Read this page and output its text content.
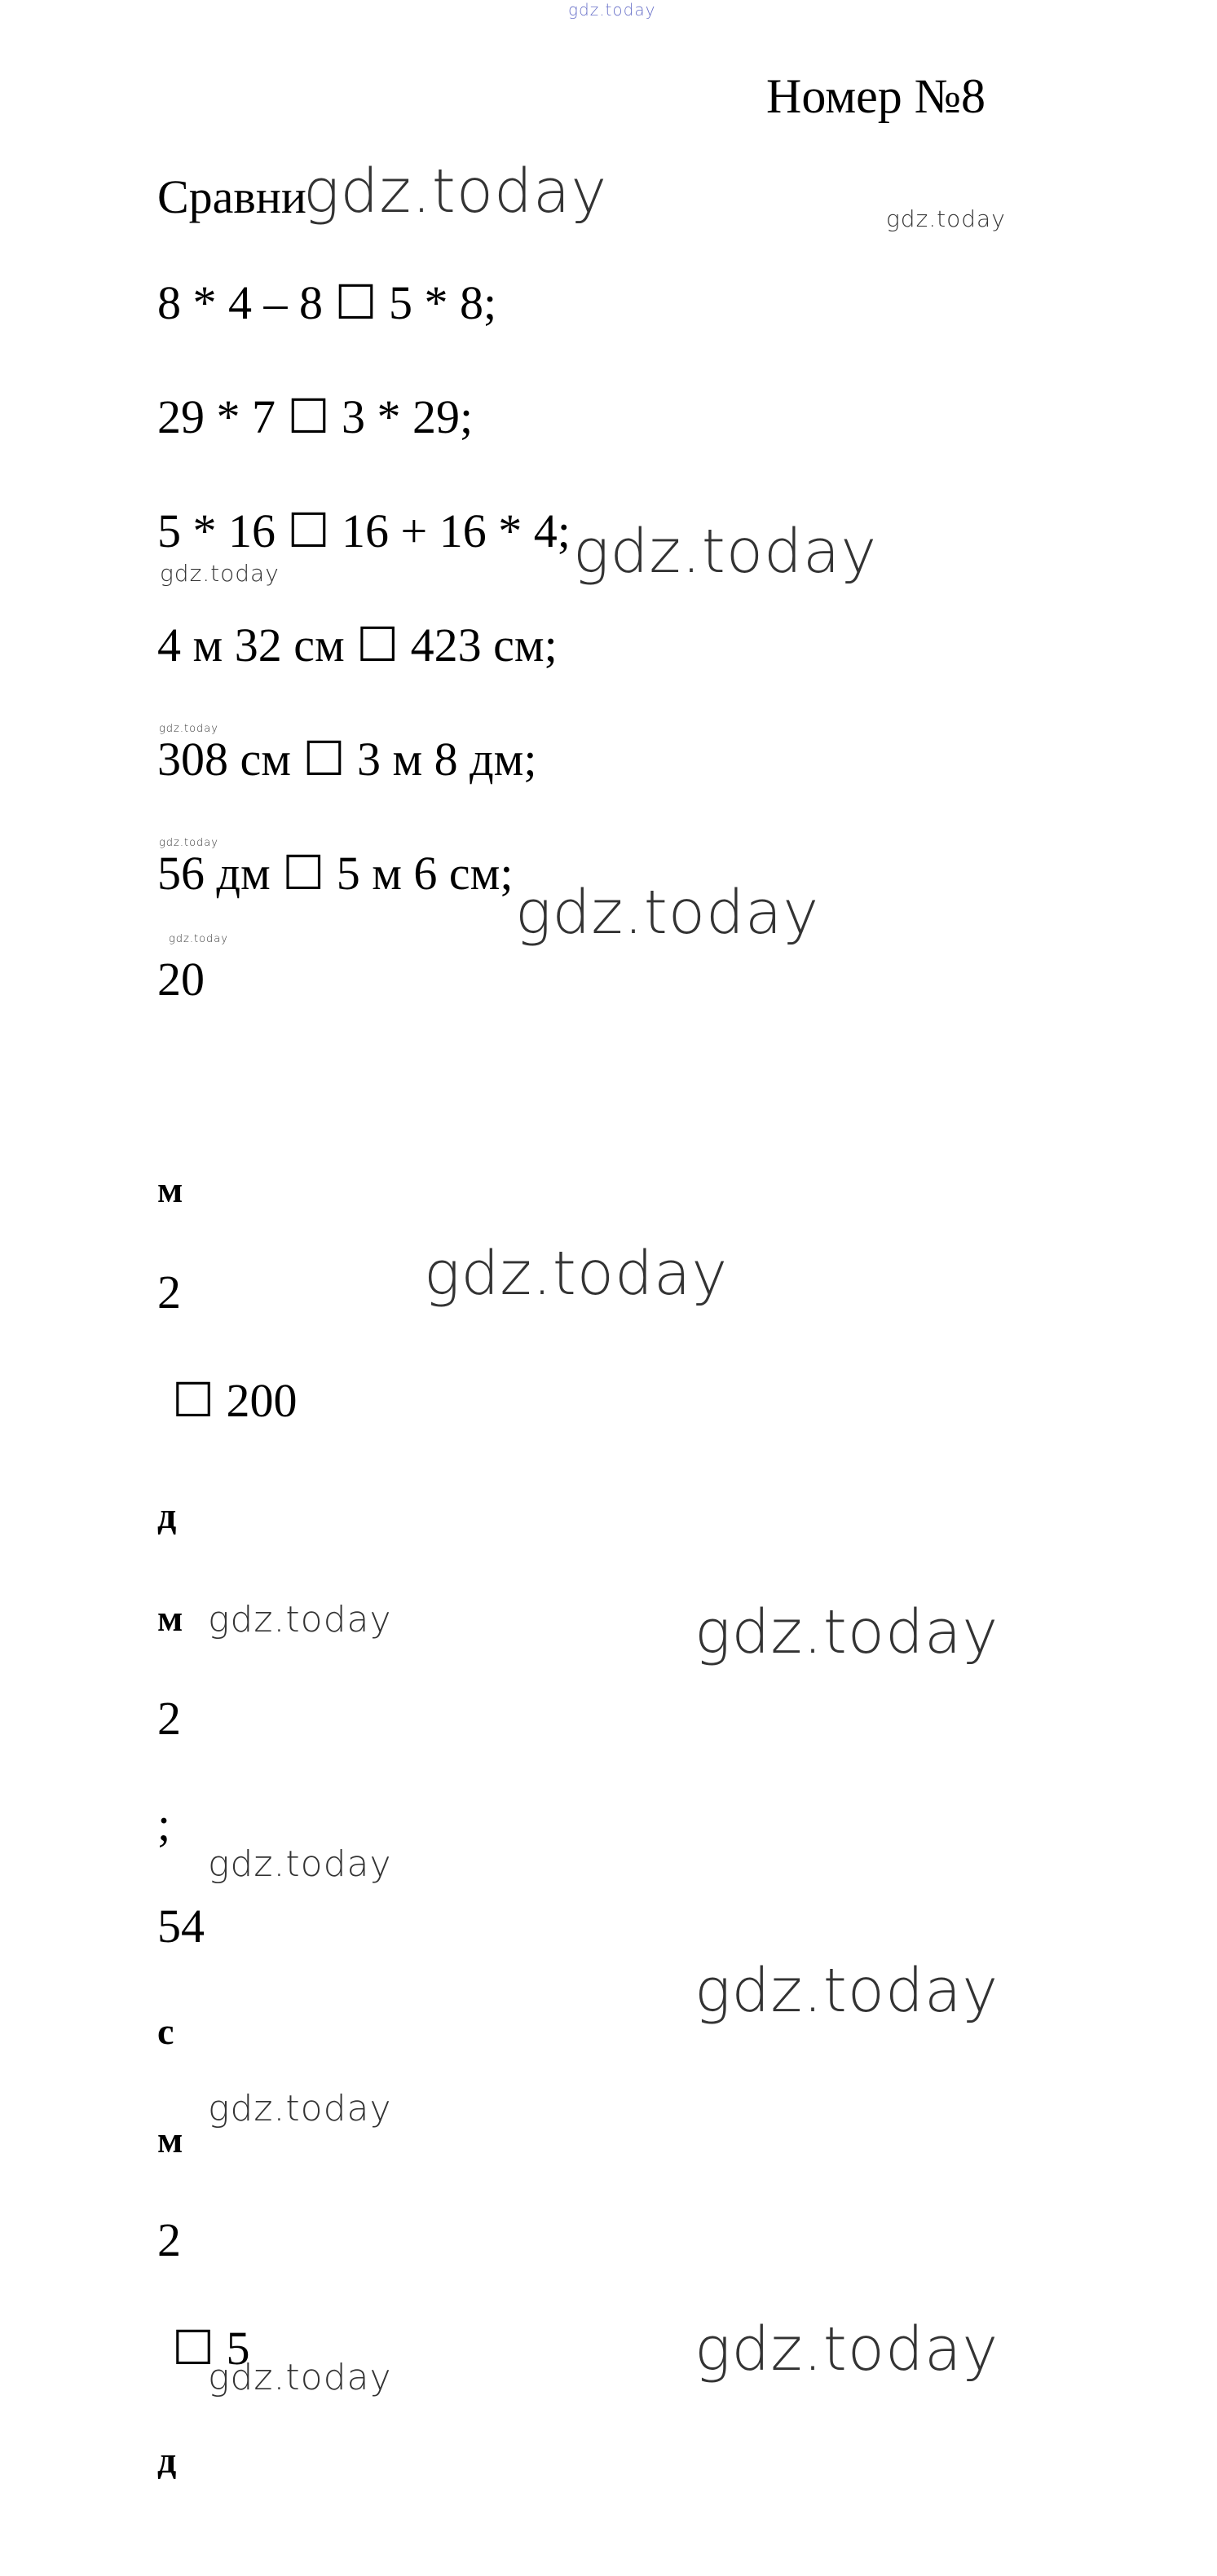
Номер №8
Сравни
8 * 4 – 8 ☐ 5 * 8;
29 * 7 ☐ 3 * 29;
5 * 16 ☐ 16 + 16 * 4;
4 м 32 см ☐ 423 см;
308 см ☐ 3 м 8 дм;
56 дм ☐ 5 м 6 см;
20
м
2
☐ 200
д
м
2
;
54
с
м
2
☐ 5
д
gdz.today
gdz.today	gdz.today
gdz.today
gdz.today
gdz.today
gdz.today
gdz.today
gdz.today
gdz.today
gdz.today	gdz.today
gdz.today
gdz.today
gdz.today
gdz.today
gdz.today
